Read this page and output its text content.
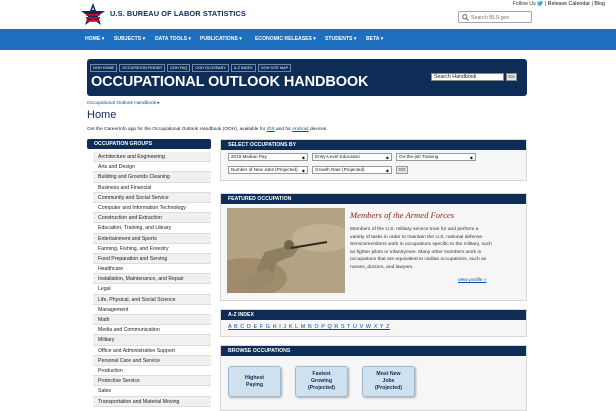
U.S. BUREAU OF LABOR STATISTICS
Follow Us | Release Calendar | Blog
Search BLS.gov
HOME ▾ SUBJECTS ▾ DATA TOOLS ▾ PUBLICATIONS ▾	ECONOMIC RELEASES ▾ STUDENTS ▾ BETA ▾
OOH HOME	OCCUPATION FINDER	OOH FAQ	OOH GLOSSARY	A-Z INDEX	OOH SITE MAP
OCCUPATIONAL OUTLOOK HANDBOOK	Search Handbook	Go
Occupational Outlook Handbook ▸
Home
Get the CareerInfo app for the Occupational Outlook Handbook (OOH), available for iOS and for Android devices.
OCCUPATION GROUPS
Architecture and Engineering
Arts and Design
Building and Grounds Cleaning
Business and Financial
Community and Social Service
Computer and Information Technology
Construction and Extraction
Education, Training, and Library
Entertainment and Sports
Farming, Fishing, and Forestry
Food Preparation and Serving
Healthcare
Installation, Maintenance, and Repair
Legal
Life, Physical, and Social Science
Management
Math
Media and Communication
Military
Office and Administrative Support
Personal Care and Service
Production
Protective Service
Sales
Transportation and Material Moving
SELECT OCCUPATIONS BY
2019 Median Pay	◆	Entry-Level Education	◆	On-the-job Training	◆
Number of New Jobs (Projected) ◆	Growth Rate (Projected)	◆	GO
FEATURED OCCUPATION
Members of the Armed Forces
Members of the U.S. military service train for and perform a variety of tasks in order to maintain the U.S. national defense. Servicemembers work in occupations specific to the military, such as fighter pilots or infantrymen. Many other members work in occupations that are equivalent to civilian occupations, such as nurses, doctors, and lawyers.
view profile »
A-Z INDEX
A B C D E F G H I J K L M N O P Q R S T U V W X Y Z
BROWSE OCCUPATIONS
Highest
Paying
Fastest
Growing
(Projected)
Most New
Jobs
(Projected)
